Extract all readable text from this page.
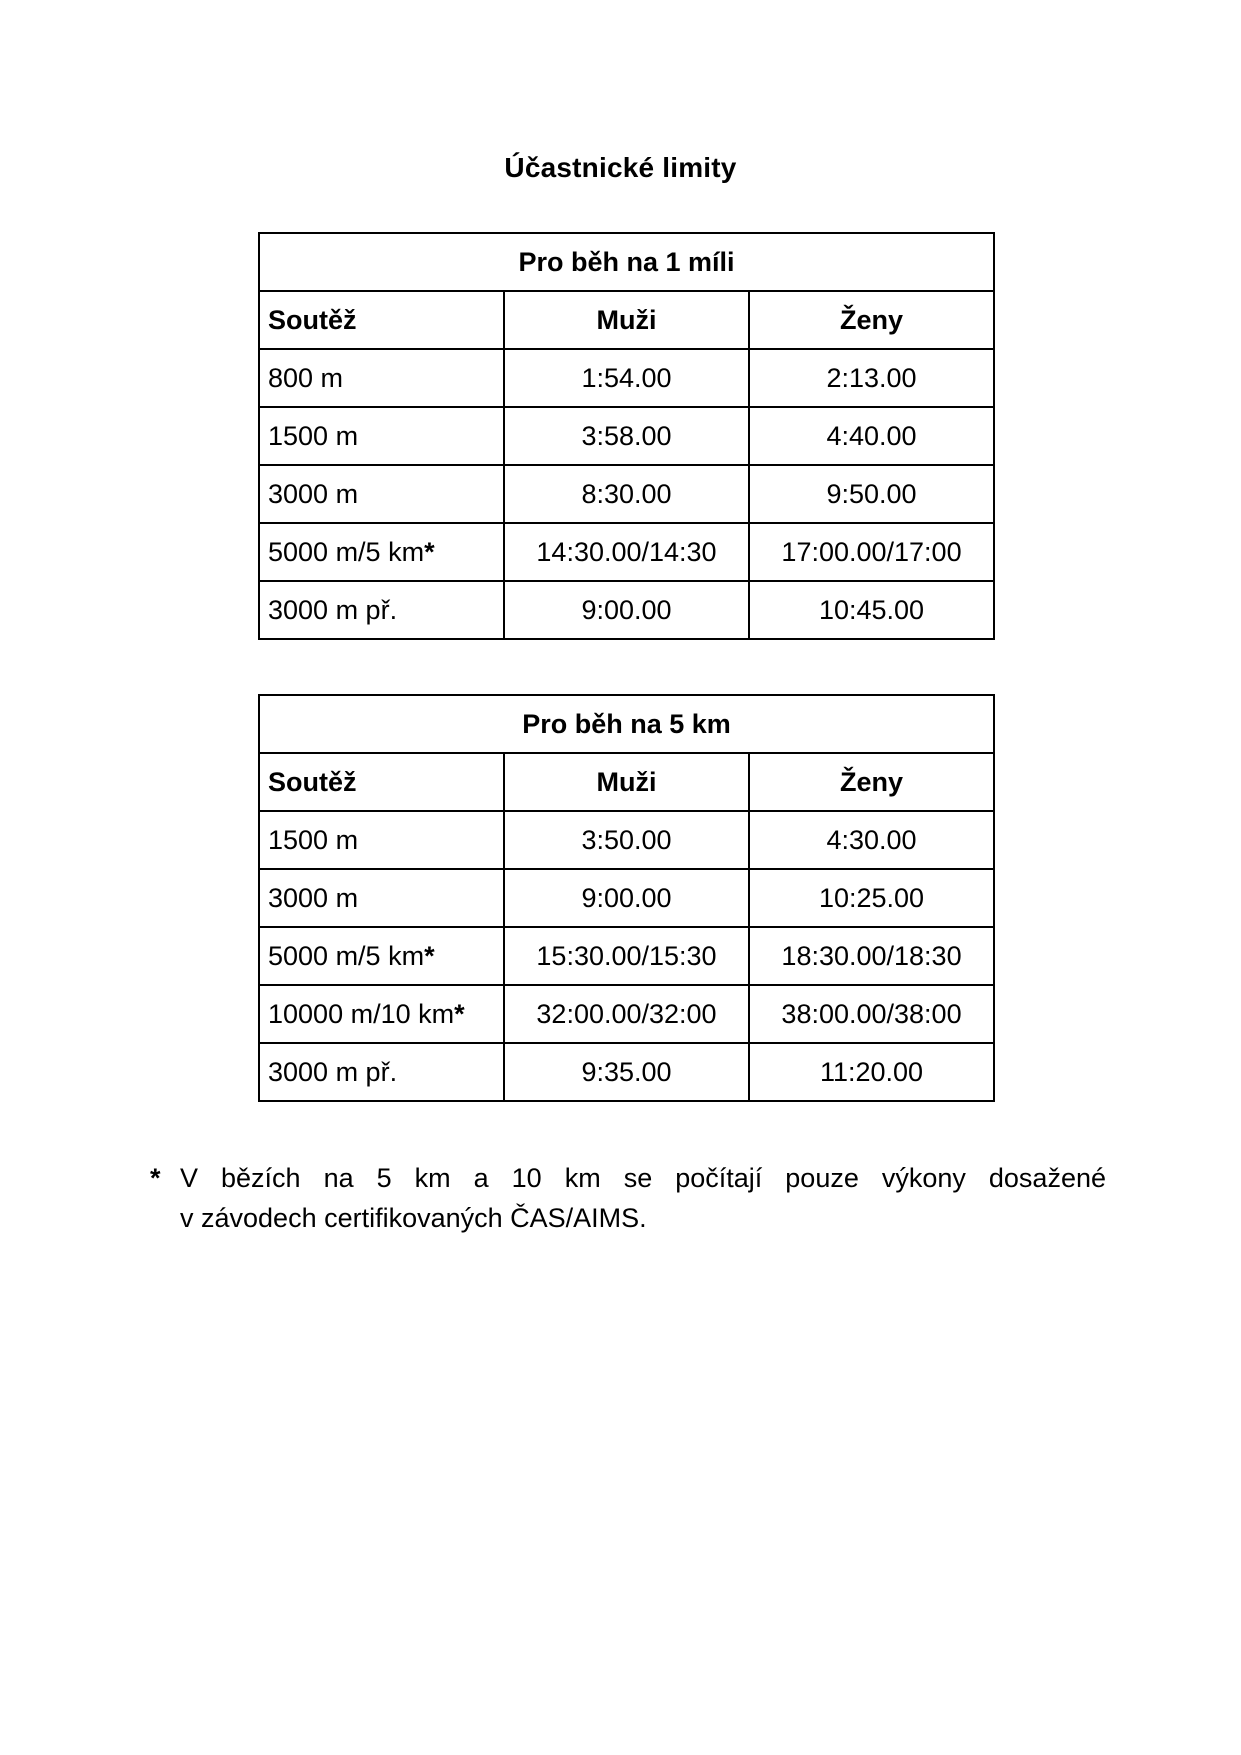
Účastnické limity
Pro běh na 1 míli		
Soutěž	Muži	Ženy
800 m	1:54.00	2:13.00
1500 m	3:58.00	4:40.00
3000 m	8:30.00	9:50.00
5000 m/5 km*	14:30.00/14:30	17:00.00/17:00
3000 m př.	9:00.00	10:45.00
Pro běh na 5 km		
Soutěž	Muži	Ženy
1500 m	3:50.00	4:30.00
3000 m	9:00.00	10:25.00
5000 m/5 km*	15:30.00/15:30	18:30.00/18:30
10000 m/10 km*	32:00.00/32:00	38:00.00/38:00
3000 m př.	9:35.00	11:20.00
* V bězích na 5 km a 10 km se počítají pouze výkony dosažené
v závodech certifikovaných ČAS/AIMS.
